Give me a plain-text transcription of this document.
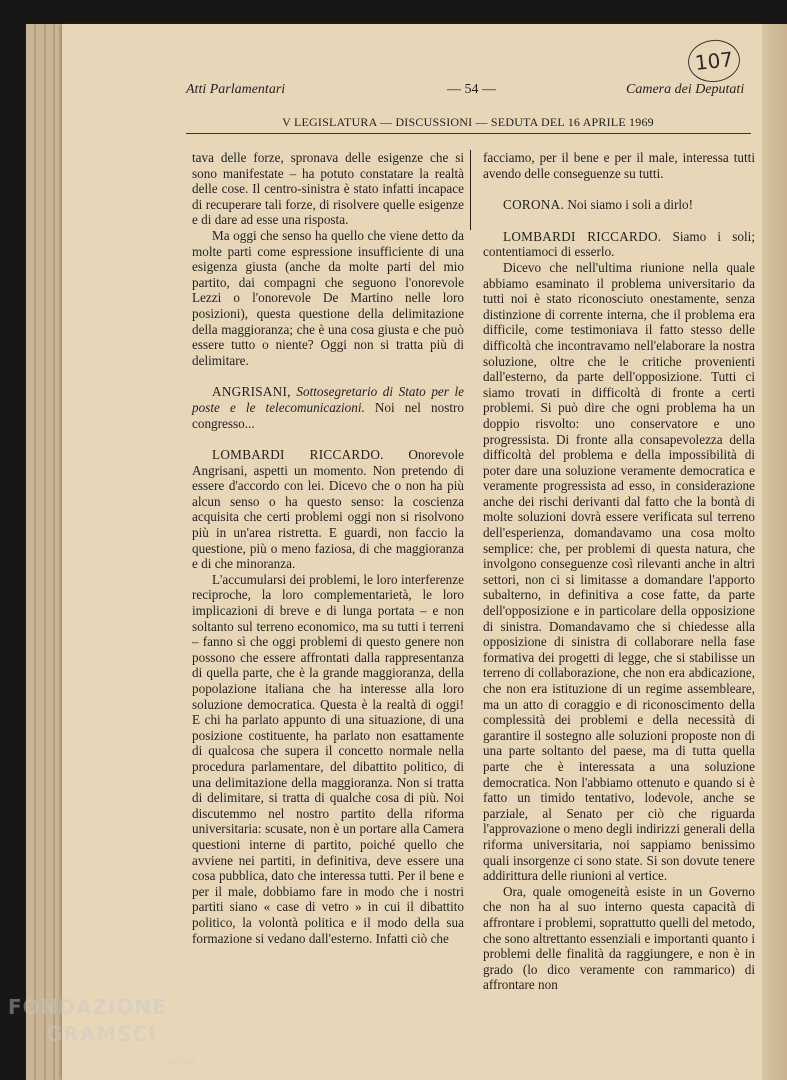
107
Atti Parlamentari	— 54 —	Camera dei Deputati
V LEGISLATURA — DISCUSSIONI — SEDUTA DEL 16 APRILE 1969

tava delle forze, spronava delle esigenze che si sono manifestate – ha potuto constatare la realtà delle cose. Il centro-sinistra è stato infatti incapace di recuperare tali forze, di risolvere quelle esigenze e di dare ad esse una risposta.

Ma oggi che senso ha quello che viene detto da molte parti come espressione insufficiente di una esigenza giusta (anche da molte parti del mio partito, dai compagni che seguono l'onorevole Lezzi o l'onorevole De Martino nelle loro posizioni), questa questione della delimitazione della maggioranza; che è una cosa giusta e che può essere tutto o niente? Oggi non si tratta più di delimitare.

ANGRISANI, Sottosegretario di Stato per le poste e le telecomunicazioni. Noi nel nostro congresso...

LOMBARDI RICCARDO. Onorevole Angrisani, aspetti un momento. Non pretendo di essere d'accordo con lei. Dicevo che o non ha più alcun senso o ha questo senso: la coscienza acquisita che certi problemi oggi non si risolvono più in un'area ristretta. E guardi, non faccio la questione, più o meno faziosa, di che maggioranza e di che minoranza.

L'accumularsi dei problemi, le loro interferenze reciproche, la loro complementarietà, le loro implicazioni di breve e di lunga portata – e non soltanto sul terreno economico, ma su tutti i terreni – fanno sì che oggi problemi di questo genere non possono che essere affrontati dalla rappresentanza di quella parte, che è la grande maggioranza, della popolazione italiana che ha interesse alla loro soluzione democratica. Questa è la realtà di oggi! E chi ha parlato appunto di una situazione, di una posizione costituente, ha parlato non esattamente di qualcosa che supera il concetto normale nella procedura parlamentare, del dibattito politico, di una delimitazione della maggioranza. Non si tratta di delimitare, si tratta di qualche cosa di più. Noi discutemmo nel nostro partito della riforma universitaria: scusate, non è un portare alla Camera questioni interne di partito, poiché quello che avviene nei partiti, in definitiva, deve essere una cosa pubblica, dato che interessa tutti. Per il bene e per il male, dobbiamo fare in modo che i nostri partiti siano « case di vetro » in cui il dibattito politico, la volontà politica e il modo della sua formazione si vedano dall'esterno. Infatti ciò che

facciamo, per il bene e per il male, interessa tutti avendo delle conseguenze su tutti.

CORONA. Noi siamo i soli a dirlo!

LOMBARDI RICCARDO. Siamo i soli; contentiamoci di esserlo.

Dicevo che nell'ultima riunione nella quale abbiamo esaminato il problema universitario da tutti noi è stato riconosciuto onestamente, senza distinzione di corrente interna, che il problema era difficile, come testimoniava il fatto stesso delle difficoltà che incontravamo nell'elaborare la nostra soluzione, oltre che le critiche provenienti dall'esterno, da parte dell'opposizione. Tutti ci siamo trovati in difficoltà di fronte a certi problemi. Si può dire che ogni problema ha un doppio risvolto: uno conservatore e uno progressista. Di fronte alla consapevolezza della difficoltà del problema e della impossibilità di poter dare una soluzione veramente democratica e veramente progressista ad esso, in considerazione anche dei rischi derivanti dal fatto che la bontà di molte soluzioni dovrà essere verificata sul terreno dell'esperienza, domandavamo una cosa molto semplice: che, per problemi di questa natura, che involgono conseguenze così rilevanti anche in altri settori, non ci si limitasse a domandare l'apporto subalterno, in definitiva a cose fatte, da parte dell'opposizione e in particolare della opposizione di sinistra. Domandavamo che si chiedesse alla opposizione di sinistra di collaborare nella fase formativa dei progetti di legge, che si stabilisse un terreno di collaborazione, che non era abdicazione, che non era istituzione di un regime assembleare, ma un atto di coraggio e di riconoscimento della complessità dei problemi e della necessità di garantire il sostegno alle soluzioni proposte non di una parte soltanto del paese, ma di tutta quella parte che è interessata a una soluzione democratica. Non l'abbiamo ottenuto e quando si è fatto un timido tentativo, lodevole, anche se parziale, al Senato per ciò che riguarda l'approvazione o meno degli indirizzi generali della riforma universitaria, noi sappiamo benissimo quali insorgenze ci sono state. Si son dovute tenere addirittura delle riunioni al vertice.

Ora, quale omogeneità esiste in un Governo che non ha al suo interno questa capacità di affrontare i problemi, soprattutto quelli del metodo, che sono altrettanto essenziali e importanti quanto i problemi delle finalità da raggiungere, e non è in grado (lo dico veramente con rammarico) di affrontare non

FONDAZIONE
GRAMSCI
online
